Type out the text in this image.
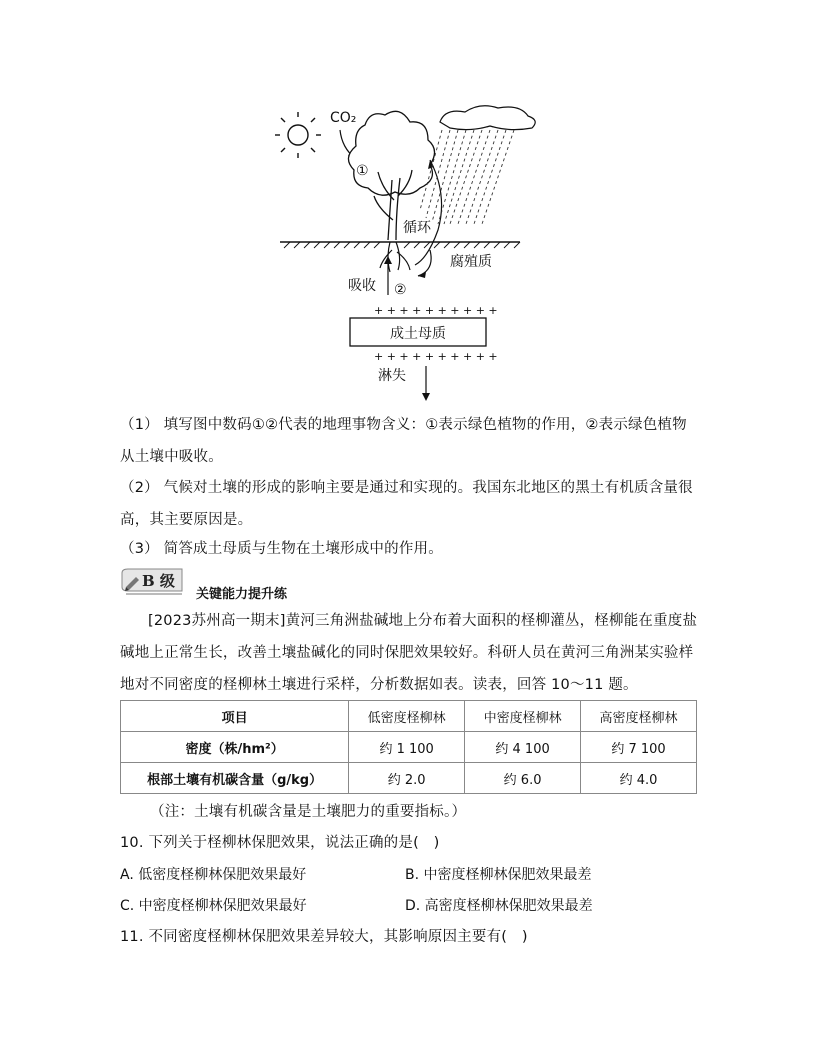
CO₂
①
循环
腐殖质
吸收 ②
+ + + + + + + + + +
成土母质
+ + + + + + + + + +
淋失
（1） 填写图中数码①②代表的地理事物含义：①表示绿色植物的作用，②表示绿色植物从土壤中吸收。
（2） 气候对土壤的形成的影响主要是通过和实现的。我国东北地区的黑土有机质含量很高，其主要原因是。
（3） 简答成土母质与生物在土壤形成中的作用。
B 级
关键能力提升练
[2023苏州高一期末]黄河三角洲盐碱地上分布着大面积的柽柳灌丛，柽柳能在重度盐碱地上正常生长，改善土壤盐碱化的同时保肥效果较好。科研人员在黄河三角洲某实验样地对不同密度的柽柳林土壤进行采样，分析数据如表。读表，回答 10～11 题。
项目	低密度柽柳林	中密度柽柳林	高密度柽柳林
密度（株/hm²）	约 1 100	约 4 100	约 7 100
根部土壤有机碳含量（g/kg）	约 2.0	约 6.0	约 4.0
（注：土壤有机碳含量是土壤肥力的重要指标。）
10. 下列关于柽柳林保肥效果，说法正确的是(　)
A. 低密度柽柳林保肥效果最好	B. 中密度柽柳林保肥效果最差
C. 中密度柽柳林保肥效果最好	D. 高密度柽柳林保肥效果最差
11. 不同密度柽柳林保肥效果差异较大，其影响原因主要有(　)
